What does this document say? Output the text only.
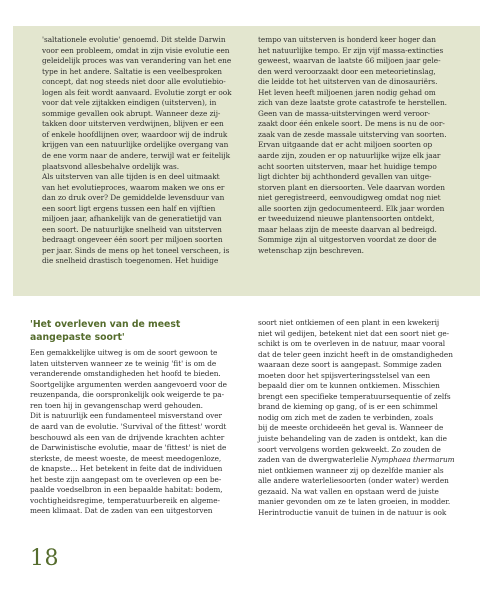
'saltationele evolutie' genoemd. Dit stelde Darwin
voor een probleem, omdat in zijn visie evolutie een
geleidelijk proces was van verandering van het ene
type in het andere. Saltatie is een veelbesproken
concept, dat nog steeds niet door alle evolutiebio-
logen als feit wordt aanvaard. Evolutie zorgt er ook
voor dat vele zijtakken eindigen (uitsterven), in
sommige gevallen ook abrupt. Wanneer deze zij-
takken door uitsterven verdwijnen, blijven er een
of enkele hoofdlijnen over, waardoor wij de indruk
krijgen van een natuurlijke ordelijke overgang van
de ene vorm naar de andere, terwijl wat er feitelijk
plaatsvond allesbehalve ordelijk was.
Als uitsterven van alle tijden is en deel uitmaakt
van het evolutieproces, waarom maken we ons er
dan zo druk over? De gemiddelde levensduur van
een soort ligt ergens tussen een half en vijftien
miljoen jaar, afhankelijk van de generatietijd van
een soort. De natuurlijke snelheid van uitsterven
bedraagt ongeveer één soort per miljoen soorten
per jaar. Sinds de mens op het toneel verscheen, is
die snelheid drastisch toegenomen. Het huidige
tempo van uitsterven is honderd keer hoger dan
het natuurlijke tempo. Er zijn vijf massa-extincties
geweest, waarvan de laatste 66 miljoen jaar gele-
den werd veroorzaakt door een meteorietinslag,
die leidde tot het uitsterven van de dinosauriërs.
Het leven heeft miljoenen jaren nodig gehad om
zich van deze laatste grote catastrofe te herstellen.
Geen van de massa-uitstervingen werd veroor-
zaakt door één enkele soort. De mens is nu de oor-
zaak van de zesde massale uitsterving van soorten.
Ervan uitgaande dat er acht miljoen soorten op
aarde zijn, zouden er op natuurlijke wijze elk jaar
acht soorten uitsterven, maar het huidige tempo
ligt dichter bij achthonderd gevallen van uitge-
storven plant en diersoorten. Vele daarvan worden
niet geregistreerd, eenvoudigweg omdat nog niet
alle soorten zijn gedocumenteerd. Elk jaar worden
er tweeduizend nieuwe plantensoorten ontdekt,
maar helaas zijn de meeste daarvan al bedreigd.
Sommige zijn al uitgestorven voordat ze door de
wetenschap zijn beschreven.
'Het overleven van de meest
aangepaste soort'
Een gemakkelijke uitweg is om de soort gewoon te
laten uitsterven wanneer ze te weinig 'fit' is om de
veranderende omstandigheden het hoofd te bieden.
Soortgelijke argumenten werden aangevoerd voor de
reuzenpanda, die oorspronkelijk ook weigerde te pa-
ren toen hij in gevangenschap werd gehouden.
Dit is natuurlijk een fundamenteel misverstand over
de aard van de evolutie. 'Survival of the fittest' wordt
beschouwd als een van de drijvende krachten achter
de Darwinistische evolutie, maar de 'fittest' is niet de
sterkste, de meest woeste, de meest meedogenloze,
de knapste… Het betekent in feite dat de individuen
het beste zijn aangepast om te overleven op een be-
paalde voedselbron in een bepaalde habitat: bodem,
vochtigheidsregime, temperatuurbereik en algeme-
meen klimaat. Dat de zaden van een uitgestorven
soort niet ontkiemen of een plant in een kwekerij
niet wil gedijen, betekent niet dat een soort niet ge-
schikt is om te overleven in de natuur, maar vooral
dat de teler geen inzicht heeft in de omstandigheden
waaraan deze soort is aangepast. Sommige zaden
moeten door het spijsverteringsstelsel van een
bepaald dier om te kunnen ontkiemen. Misschien
brengt een specifieke temperatuursequentie of zelfs
brand de kieming op gang, of is er een schimmel
nodig om zich met de zaden te verbinden, zoals
bij de meeste orchideeën het geval is. Wanneer de
juiste behandeling van de zaden is ontdekt, kan die
soort vervolgens worden gekweekt. Zo zouden de
zaden van de dwergwaterlelie Nymphaea thermarum
niet ontkiemen wanneer zij op dezelfde manier als
alle andere waterleliesoorten (onder water) werden
gezaaid. Na wat vallen en opstaan werd de juiste
manier gevonden om ze te laten groeien, in modder.
Herintroductie vanuit de tuinen in de natuur is ook
18
